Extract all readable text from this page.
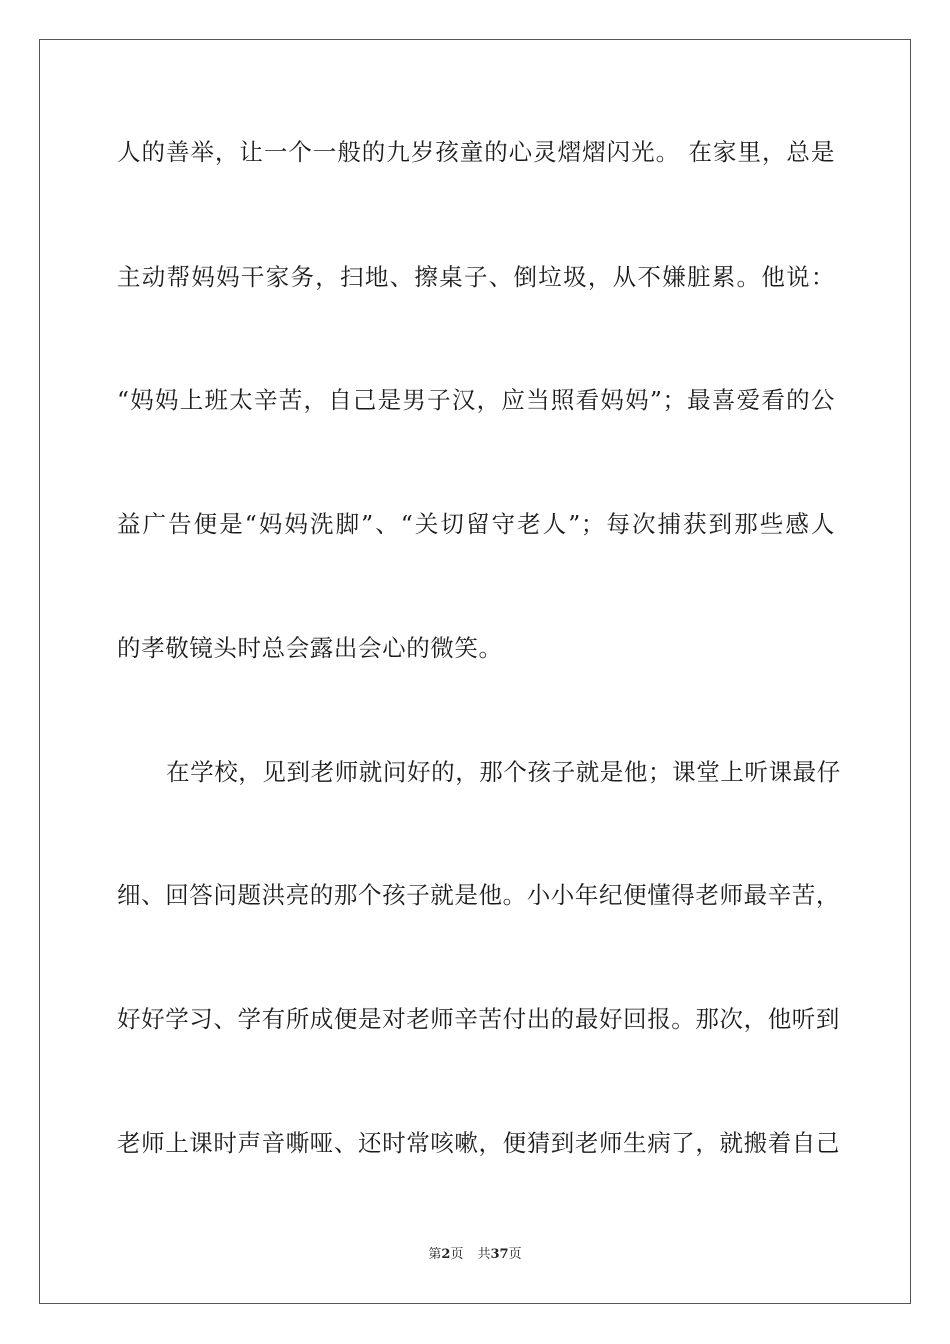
人的善举，让一个一般的九岁孩童的心灵熠熠闪光。 在家里，总是
主动帮妈妈干家务，扫地、擦桌子、倒垃圾，从不嫌脏累。他说：
“妈妈上班太辛苦，自己是男子汉，应当照看妈妈”；最喜爱看的公
益广告便是“妈妈洗脚”、“关切留守老人”；每次捕获到那些感人
的孝敬镜头时总会露出会心的微笑。
在学校，见到老师就问好的，那个孩子就是他；课堂上听课最仔
细、回答问题洪亮的那个孩子就是他。小小年纪便懂得老师最辛苦，
好好学习、学有所成便是对老师辛苦付出的最好回报。那次，他听到
老师上课时声音嘶哑、还时常咳嗽，便猜到老师生病了，就搬着自己
第2页 共37页
